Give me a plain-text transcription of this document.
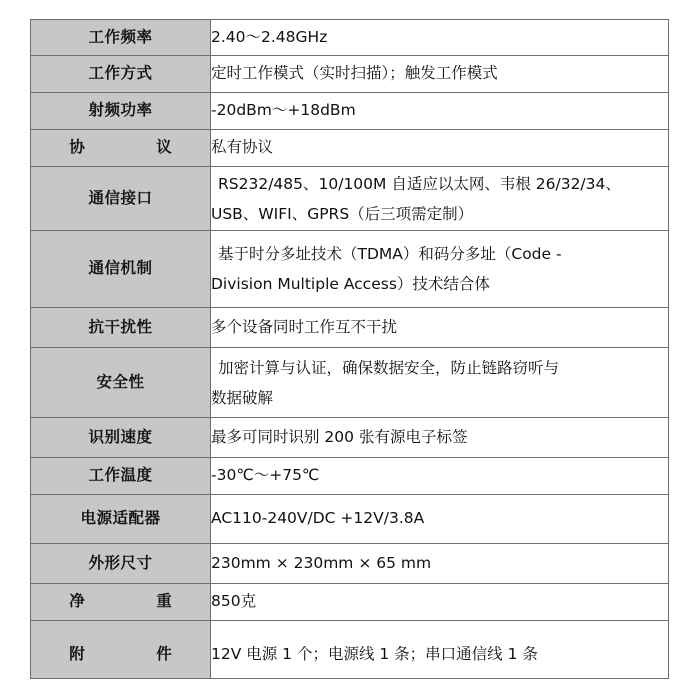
工作频率	2.40～2.48GHz
工作方式	定时工作模式（实时扫描）；触发工作模式
射频功率	-20dBm～+18dBm
协　议	私有协议
通信接口	RS232/485、10/100M 自适应以太网、韦根 26/32/34、
USB、WIFI、GPRS（后三项需定制）

通信机制	基于时分多址技术（TDMA）和码分多址（Code -
Division Multiple Access）技术结合体

抗干扰性	多个设备同时工作互不干扰
安全性	加密计算与认证，确保数据安全，防止链路窃听与
数据破解

识别速度	最多可同时识别 200 张有源电子标签
工作温度	-30℃～+75℃
电源适配器	AC110-240V/DC +12V/3.8A
外形尺寸	230mm × 230mm × 65 mm
净　重	850克
附　件	12V 电源 1 个；电源线 1 条；串口通信线 1 条
